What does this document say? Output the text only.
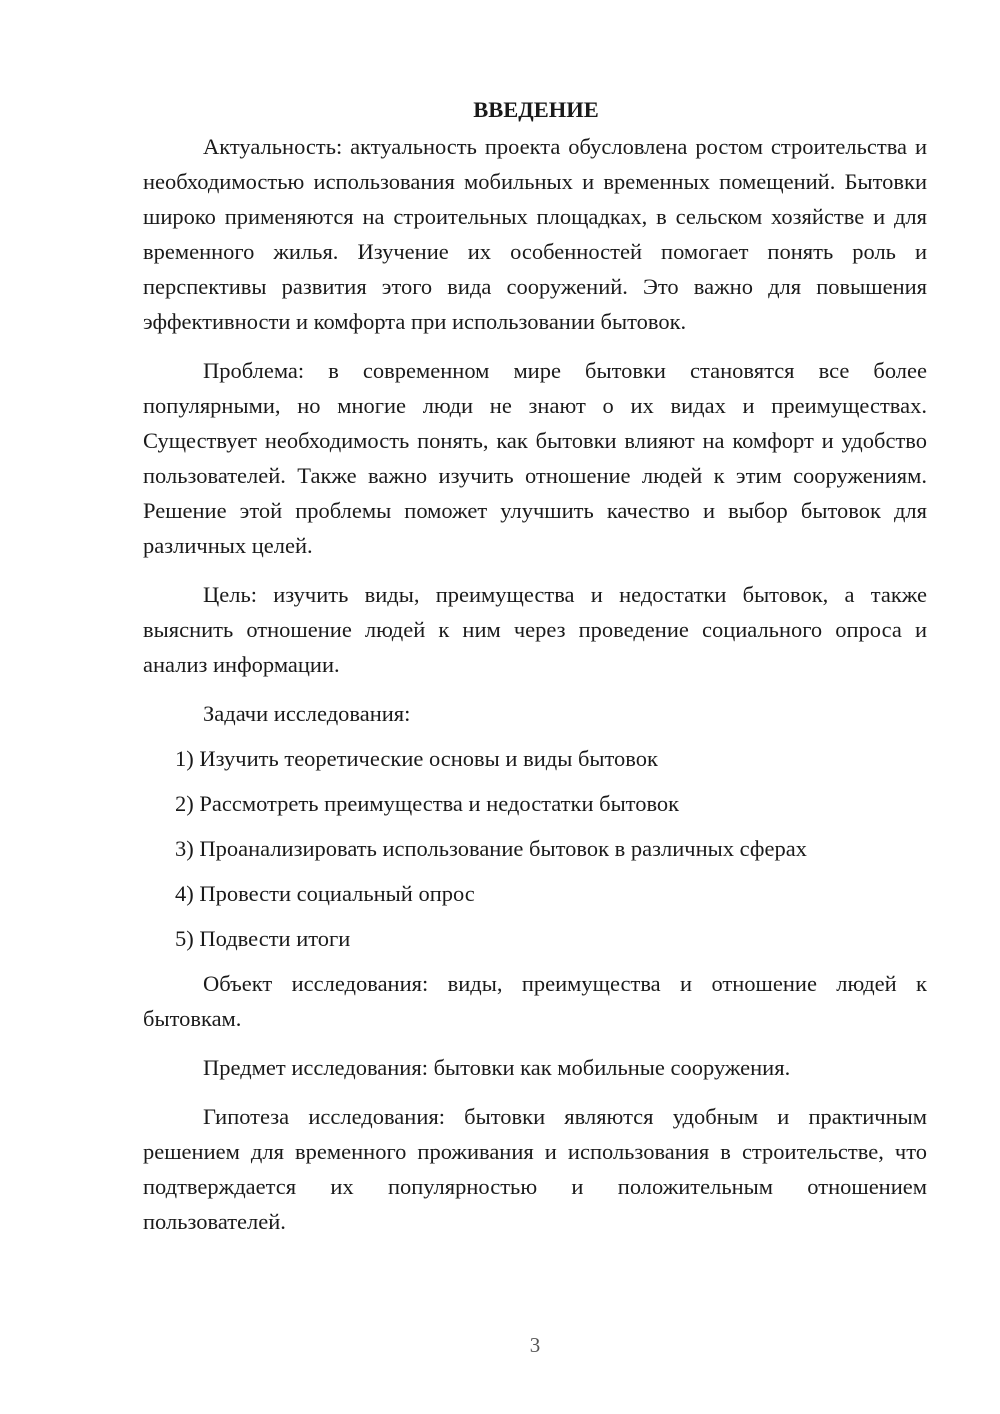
ВВЕДЕНИЕ

Актуальность: актуальность проекта обусловлена ростом строительства и необходимостью использования мобильных и временных помещений. Бытовки широко применяются на строительных площадках, в сельском хозяйстве и для временного жилья. Изучение их особенностей помогает понять роль и перспективы развития этого вида сооружений. Это важно для повышения эффективности и комфорта при использовании бытовок.

Проблема: в современном мире бытовки становятся все более популярными, но многие люди не знают о их видах и преимуществах. Существует необходимость понять, как бытовки влияют на комфорт и удобство пользователей. Также важно изучить отношение людей к этим сооружениям. Решение этой проблемы поможет улучшить качество и выбор бытовок для различных целей.

Цель: изучить виды, преимущества и недостатки бытовок, а также выяснить отношение людей к ним через проведение социального опроса и анализ информации.

Задачи исследования:

1) Изучить теоретические основы и виды бытовок
2) Рассмотреть преимущества и недостатки бытовок
3) Проанализировать использование бытовок в различных сферах
4) Провести социальный опрос
5) Подвести итоги

Объект исследования: виды, преимущества и отношение людей к бытовкам.

Предмет исследования: бытовки как мобильные сооружения.

Гипотеза исследования: бытовки являются удобным и практичным решением для временного проживания и использования в строительстве, что подтверждается их популярностью и положительным отношением пользователей.

3
